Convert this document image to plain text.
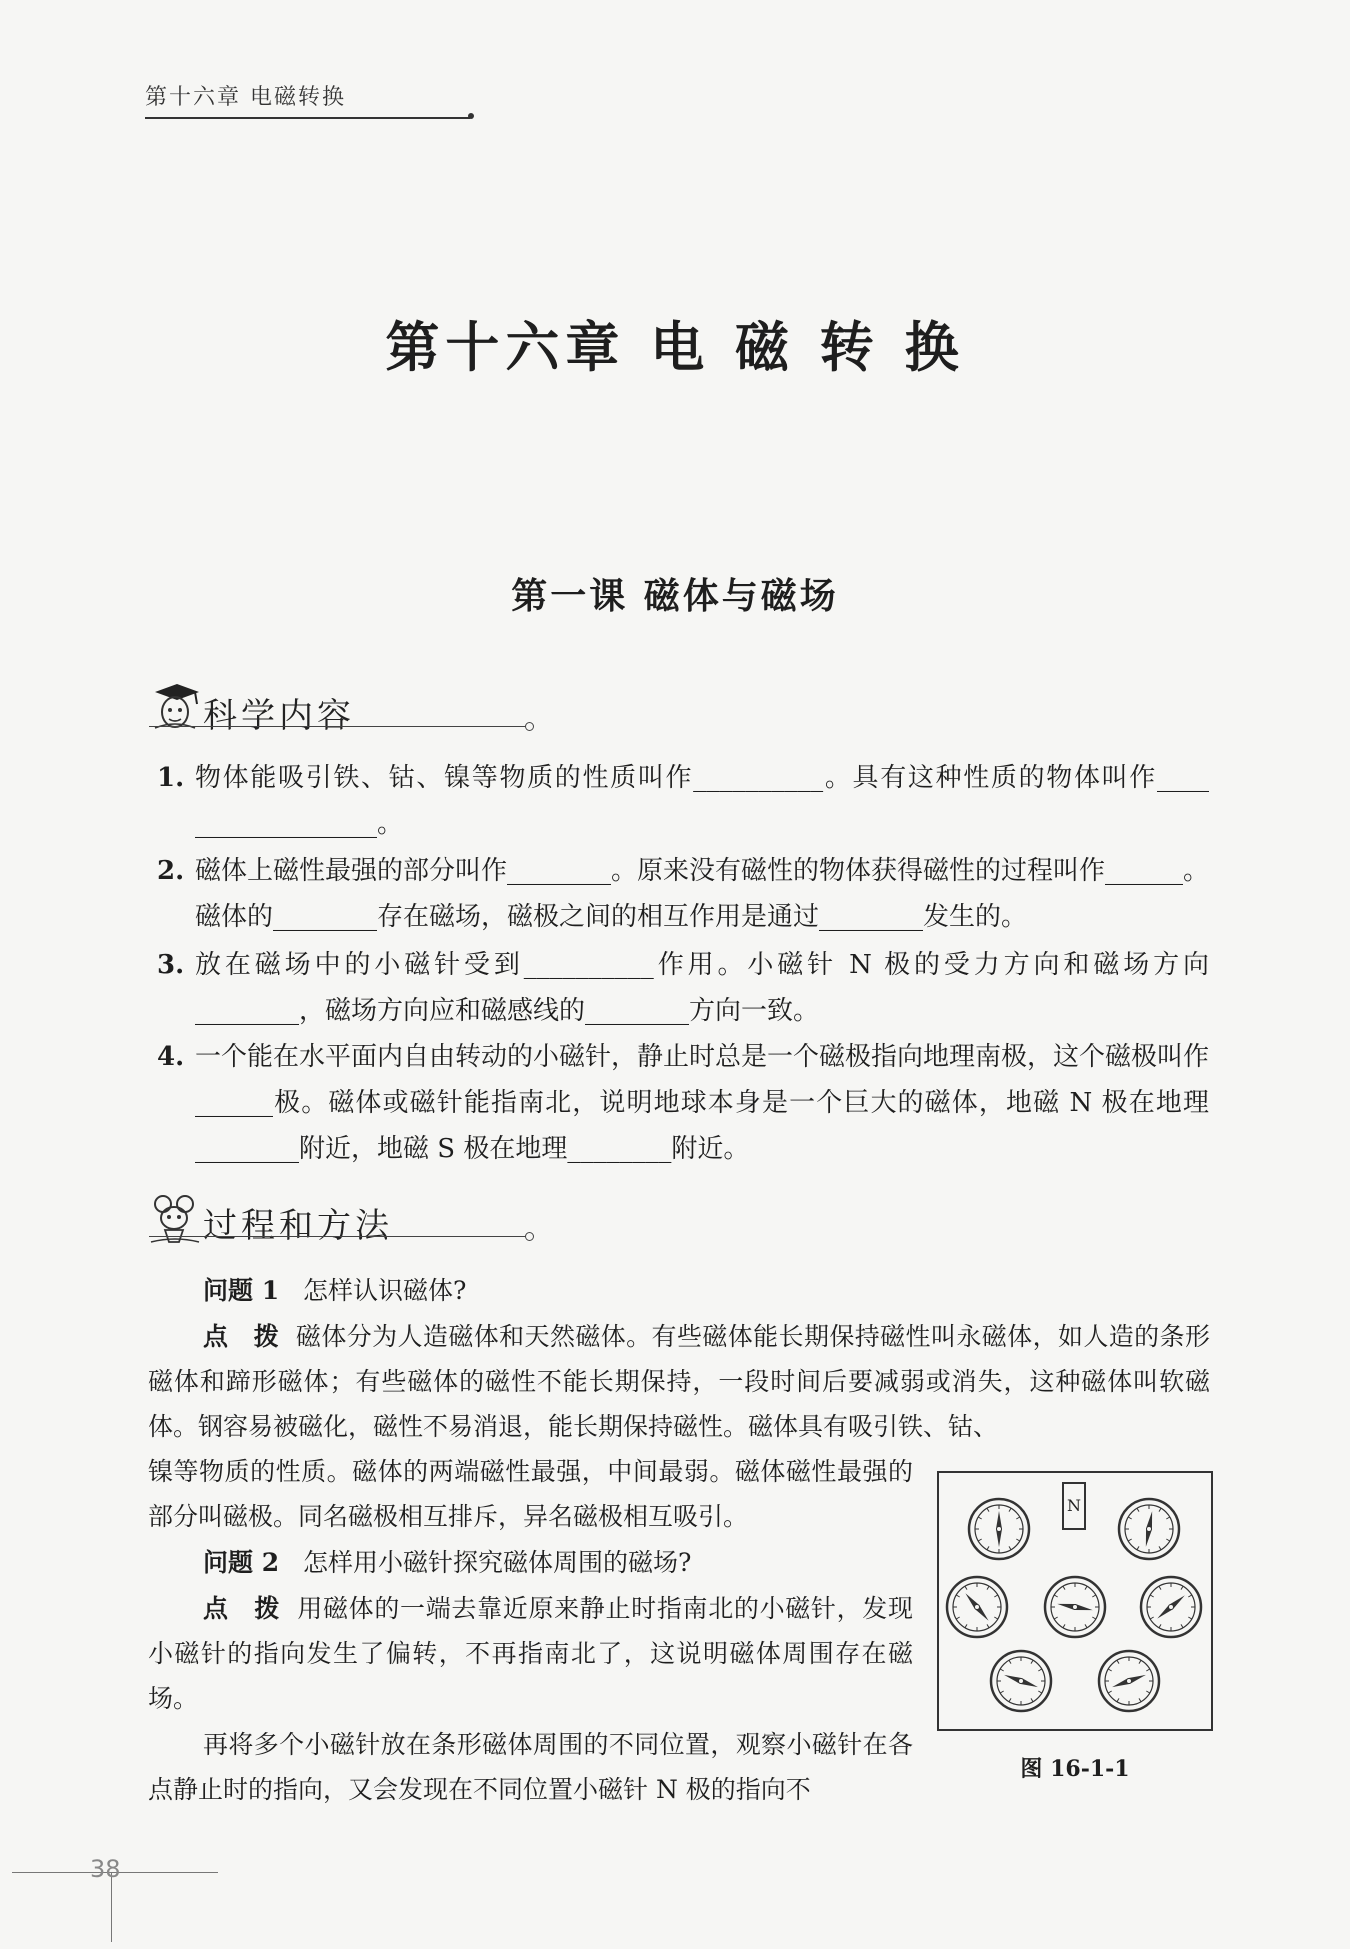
第十六章 电磁转换
第十六章 电 磁 转 换
第一课 磁体与磁场
科学内容
1. 物体能吸引铁、钴、镍等物质的性质叫作__________。具有这种性质的物体叫作____ ______________。
2. 磁体上磁性最强的部分叫作________。原来没有磁性的物体获得磁性的过程叫作______。磁体的________存在磁场，磁极之间的相互作用是通过________发生的。
3. 放在磁场中的小磁针受到__________作用。小磁针 N 极的受力方向和磁场方向________，磁场方向应和磁感线的________方向一致。
4. 一个能在水平面内自由转动的小磁针，静止时总是一个磁极指向地理南极，这个磁极叫作______极。磁体或磁针能指南北，说明地球本身是一个巨大的磁体，地磁 N 极在地理________附近，地磁 S 极在地理________附近。
过程和方法
问题 1 怎样认识磁体?
点　拨 磁体分为人造磁体和天然磁体。有些磁体能长期保持磁性叫永磁体，如人造的条形磁体和蹄形磁体；有些磁体的磁性不能长期保持，一段时间后要减弱或消失，这种磁体叫软磁体。钢容易被磁化，磁性不易消退，能长期保持磁性。磁体具有吸引铁、钴、
镍等物质的性质。磁体的两端磁性最强，中间最弱。磁体磁性最强的部分叫磁极。同名磁极相互排斥，异名磁极相互吸引。
问题 2 怎样用小磁针探究磁体周围的磁场?
点　拨 用磁体的一端去靠近原来静止时指南北的小磁针，发现小磁针的指向发生了偏转，不再指南北了，这说明磁体周围存在磁场。
再将多个小磁针放在条形磁体周围的不同位置，观察小磁针在各点静止时的指向，又会发现在不同位置小磁针 N 极的指向不
N
图 16-1-1
38
